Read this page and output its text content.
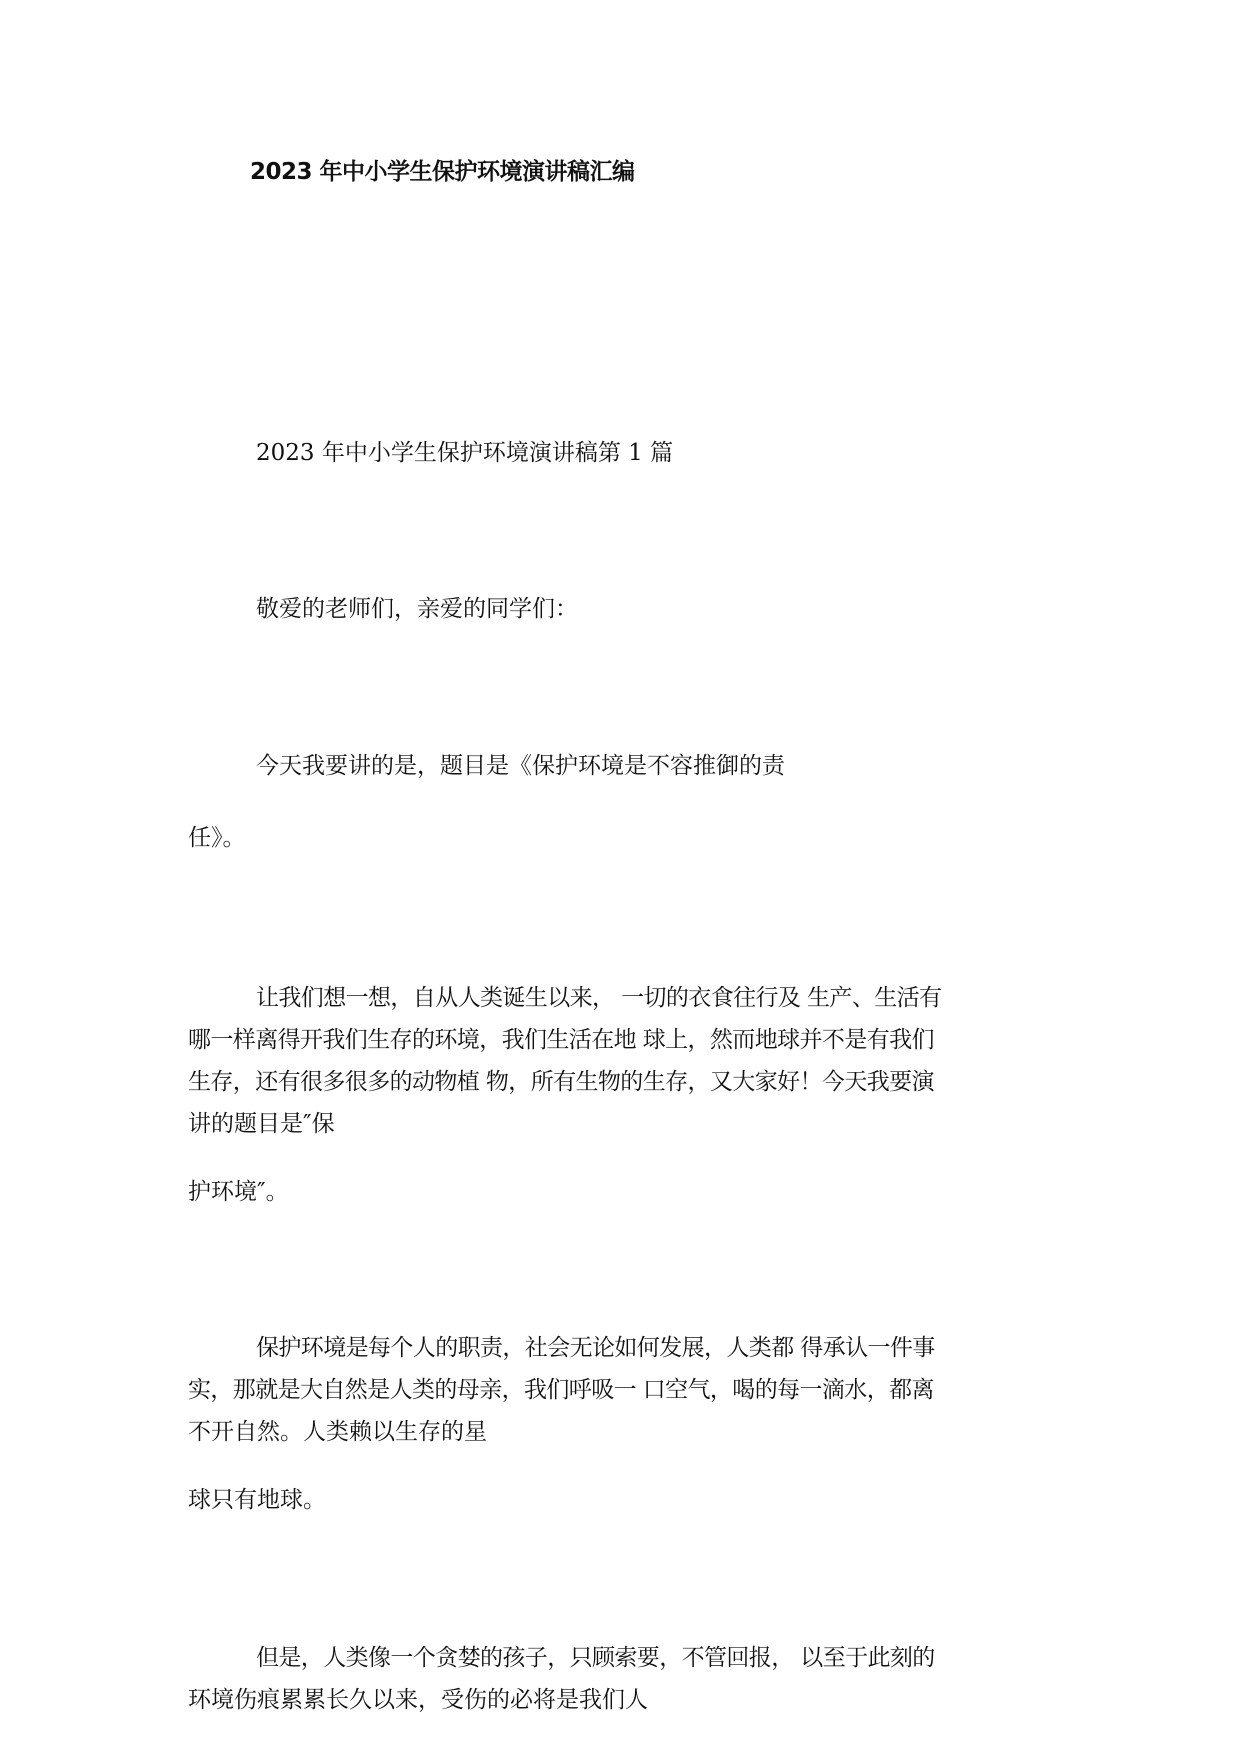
2023 年中小学生保护环境演讲稿汇编
2023 年中小学生保护环境演讲稿第 1 篇
敬爱的老师们，亲爱的同学们：
今天我要讲的是，题目是《保护环境是不容推御的责
任》。
让我们想一想，自从人类诞生以来， 一切的衣食往行及 生产、生活有
哪一样离得开我们生存的环境，我们生活在地 球上，然而地球并不是有我们
生存，还有很多很多的动物植 物，所有生物的生存，又大家好！今天我要演
讲的题目是″保
护环境″。
保护环境是每个人的职责，社会无论如何发展，人类都 得承认一件事
实，那就是大自然是人类的母亲，我们呼吸一 口空气，喝的每一滴水，都离
不开自然。人类赖以生存的星
球只有地球。
但是，人类像一个贪婪的孩子，只顾索要，不管回报， 以至于此刻的
环境伤痕累累长久以来，受伤的必将是我们人
